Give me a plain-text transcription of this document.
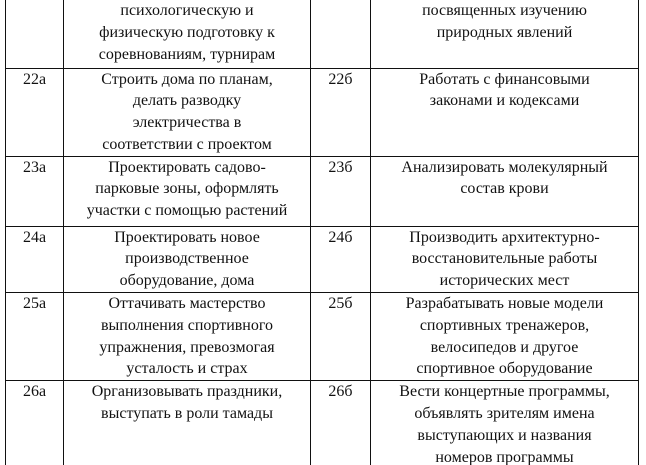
	психологическую и
физическую подготовку к
соревнованиям, турнирам		посвященных изучению
природных явлений

22а	Строить дома по планам,
делать разводку
электричества в
соответствии с проектом	22б	Работать с финансовыми
законами и кодексами

23а	Проектировать садово-
парковые зоны, оформлять
участки с помощью растений	23б	Анализировать молекулярный
состав крови

24а	Проектировать новое
производственное
оборудование, дома	24б	Производить архитектурно-
восстановительные работы
исторических мест

25а	Оттачивать мастерство
выполнения спортивного
упражнения, превозмогая
усталость и страх	25б	Разрабатывать новые модели
спортивных тренажеров,
велосипедов и другое
спортивное оборудование

26а	Организовывать праздники,
выступать в роли тамады	26б	Вести концертные программы,
объявлять зрителям имена
выступающих и названия
номеров программы
